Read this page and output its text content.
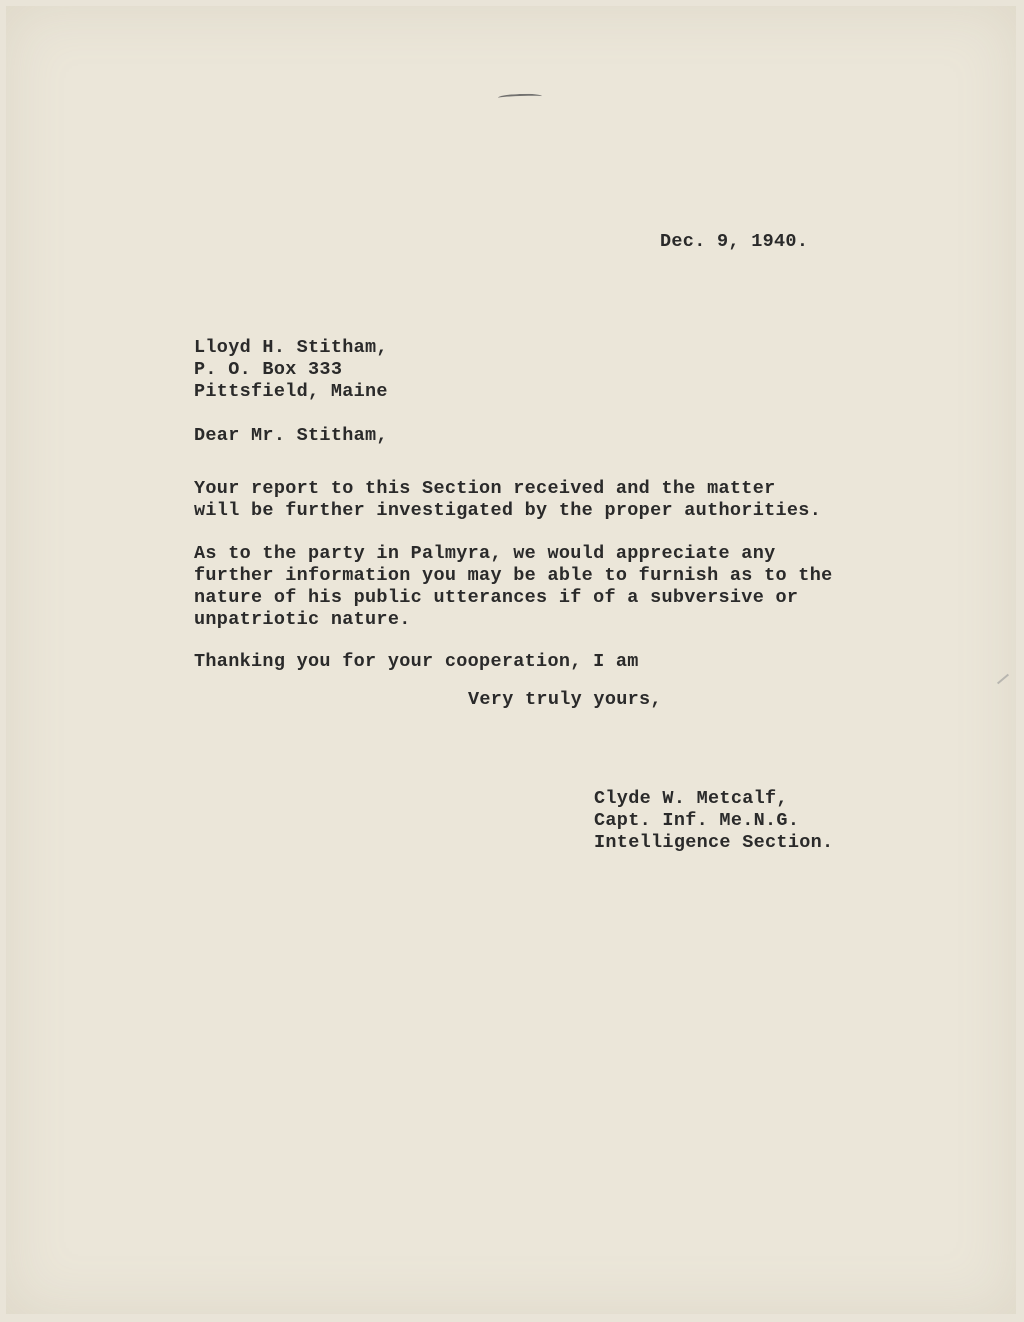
Dec. 9, 1940.

Lloyd H. Stitham,

P. O. Box 333

Pittsfield, Maine

Dear Mr. Stitham,

Your report to this Section received and the matter

will be further investigated by the proper authorities.

As to the party in Palmyra, we would appreciate any

further information you may be able to furnish as to the

nature of his public utterances if of a subversive or

unpatriotic nature.

Thanking you for your cooperation, I am

Very truly yours,

Clyde W. Metcalf,

Capt. Inf. Me.N.G.

Intelligence Section.
